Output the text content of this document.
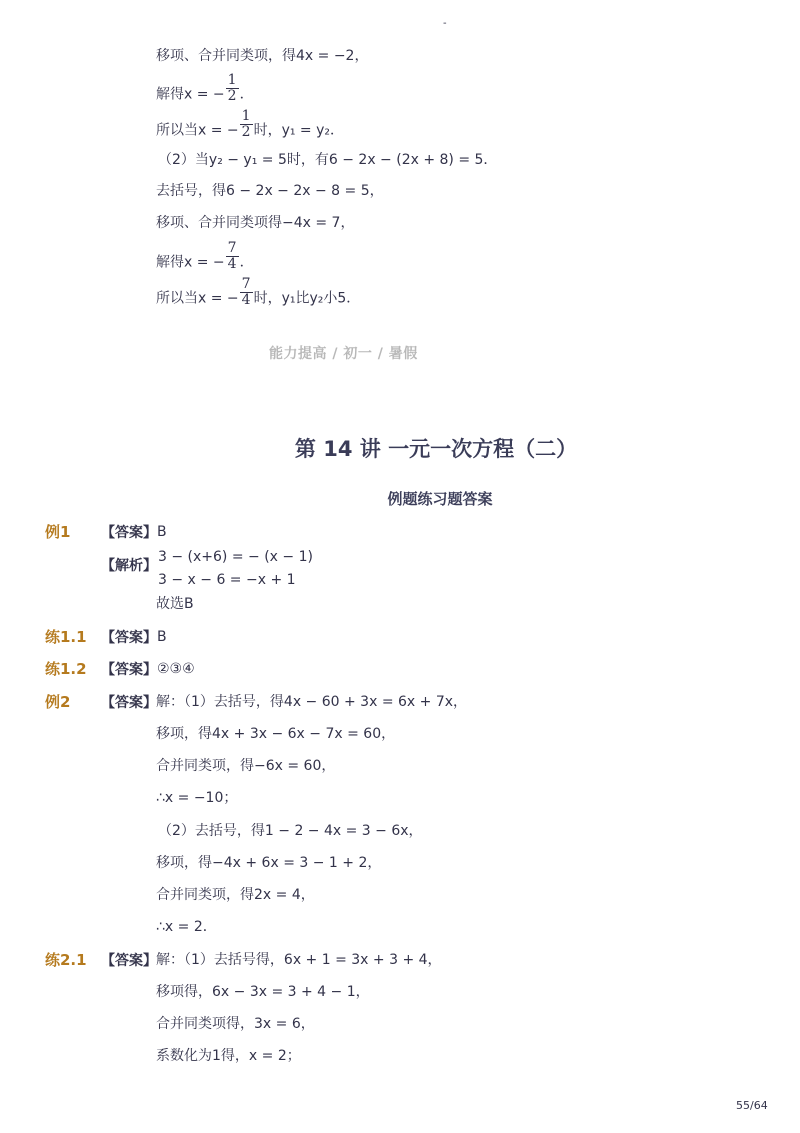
-
移项、合并同类项，得4x = −2，
解得x = − $\frac{1}{2}$ ．
所以当x = − $\frac{1}{2}$ 时，y₁ = y₂．
（2）当y₂ − y₁ = 5时，有6 − 2x − (2x + 8) = 5．
去括号，得6 − 2x − 2x − 8 = 5，
移项、合并同类项得−4x = 7，
解得x = − $\frac{7}{4}$ ．
所以当x = − $\frac{7}{4}$ 时，y₁比y₂小5．
能力提高 / 初一 / 暑假
第 14 讲 一元一次方程（二）
例题练习题答案
例1 【答案】 B
【解析】
3 − (x+6) = − (x − 1)
3 − x − 6 = −x + 1
故选B
练1.1 【答案】 B
练1.2 【答案】 ②③④
例2 【答案】 解：（1）去括号，得4x − 60 + 3x = 6x + 7x，
移项，得4x + 3x − 6x − 7x = 60，
合并同类项，得−6x = 60，
∴x = −10；
（2）去括号，得1 − 2 − 4x = 3 − 6x，
移项，得−4x + 6x = 3 − 1 + 2，
合并同类项，得2x = 4，
∴x = 2．
练2.1 【答案】 解：（1）去括号得，6x + 1 = 3x + 3 + 4，
移项得，6x − 3x = 3 + 4 − 1，
合并同类项得，3x = 6，
系数化为1得，x = 2；
55/64
